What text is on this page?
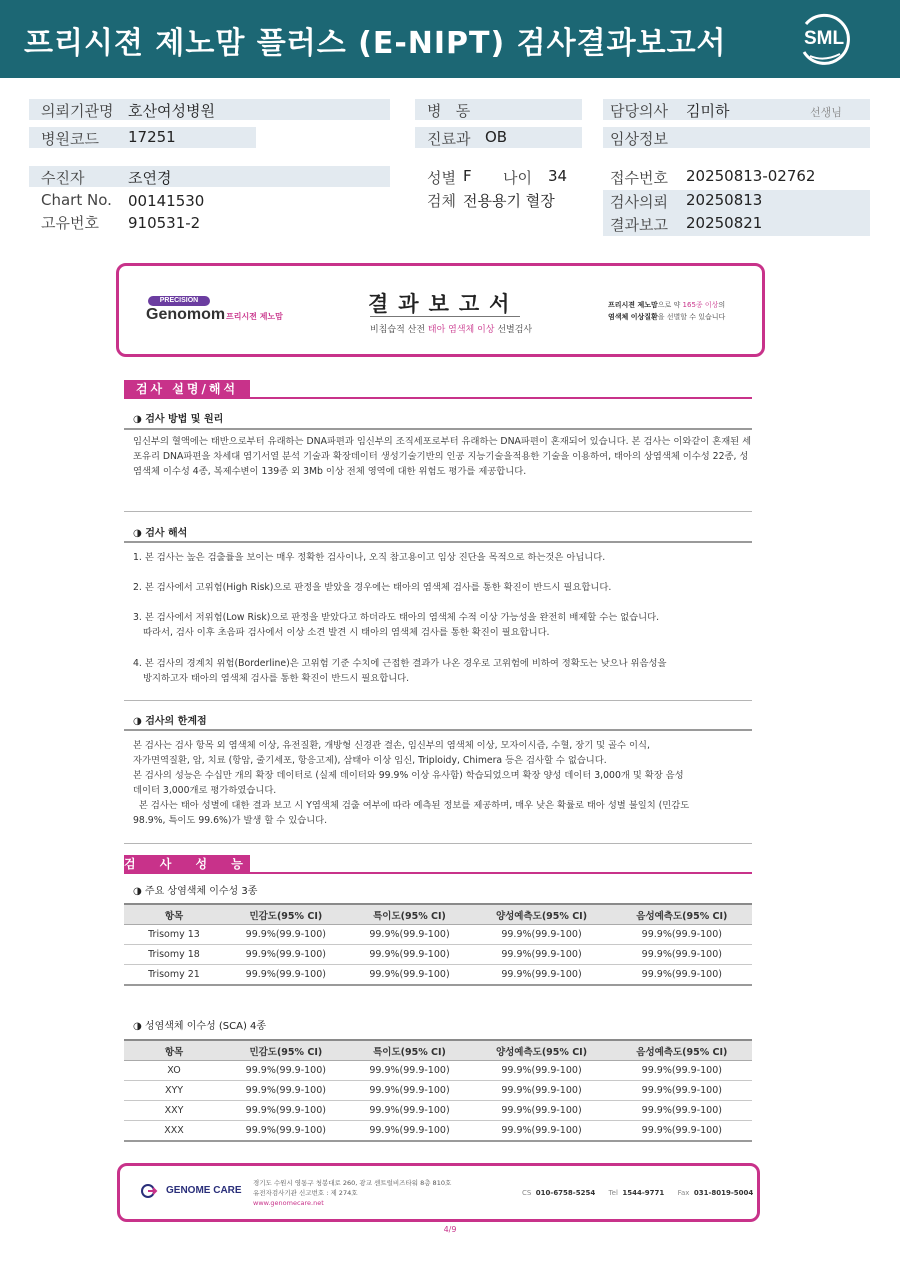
프리시젼 제노맘 플러스 (E-NIPT) 검사결과보고서	SML
의뢰기관명 호산여성병원
병원코드 17251
병   동
진료과 OB
담당의사 김미하	선생님
임상정보
수진자	조연경
Chart No. 00141530
고유번호 910531-2
성별 F 나이 34
검체 전용용기 혈장
접수번호 20250813-02762
검사의뢰 20250813
결과보고 20250821
PRECISION
Genomom 프리시젼 제노맘
결과보고서
비침습적 산전 태아 염색체 이상 선별검사
프리시젼 제노맘으로 약 165종 이상의
염색체 이상질환을 선별할 수 있습니다
검사 설명/해석
◑ 검사 방법 및 원리
임신부의 혈액에는 태반으로부터 유래하는 DNA파편과 임신부의 조직세포로부터 유래하는 DNA파편이 혼재되어 있습니다. 본 검사는 이와같이 혼재된 세포유리 DNA파편을 차세대 염기서열 분석 기술과 확장데이터 생성기술기반의 인공 지능기술을적용한 기술을 이용하여, 태아의 상염색체 이수성 22종, 성염색체 이수성 4종, 복제수변이 139종 외 3Mb 이상 전체 영역에 대한 위험도 평가를 제공합니다.
◑ 검사 해석
1. 본 검사는 높은 검출률을 보이는 매우 정확한 검사이나, 오직 참고용이고 임상 진단을 목적으로 하는것은 아닙니다.
2. 본 검사에서 고위험(High Risk)으로 판정을 받았을 경우에는 태아의 염색체 검사를 통한 확진이 반드시 필요합니다.
3. 본 검사에서 저위험(Low Risk)으로 판정을 받았다고 하더라도 태아의 염색체 수적 이상 가능성을 완전히 배제할 수는 없습니다.
따라서, 검사 이후 초음파 검사에서 이상 소견 발견 시 태아의 염색체 검사를 통한 확진이 필요합니다.
4. 본 검사의 경계치 위험(Borderline)은 고위험 기준 수치에 근접한 결과가 나온 경우로 고위험에 비하여 정확도는 낮으나 위음성을
방지하고자 태아의 염색체 검사를 통한 확진이 반드시 필요합니다.
◑ 검사의 한계점
본 검사는 검사 항목 외 염색체 이상, 유전질환, 개방형 신경관 결손, 임신부의 염색체 이상, 모자이시즘, 수혈, 장기 및 골수 이식,
자가면역질환, 암, 치료 (항암, 줄기세포, 항응고제), 삼태아 이상 임신, Triploidy, Chimera 등은 검사할 수 없습니다.
본 검사의 성능은 수십만 개의 확장 데이터로 (실제 데이터와 99.9% 이상 유사함) 학습되었으며 확장 양성 데이터 3,000개 및 확장 음성
데이터 3,000개로 평가하였습니다.
본 검사는 태아 성별에 대한 결과 보고 시 Y염색체 검출 여부에 따라 예측된 정보를 제공하며, 매우 낮은 확률로 태아 성별 불일치 (민감도
98.9%, 특이도 99.6%)가 발생 할 수 있습니다.
검 사 성 능
◑ 주요 상염색체 이수성 3종
항목	민감도(95% CI)	특이도(95% CI)	양성예측도(95% CI)	음성예측도(95% CI)
Trisomy 13	99.9%(99.9-100)	99.9%(99.9-100)	99.9%(99.9-100)	99.9%(99.9-100)
Trisomy 18	99.9%(99.9-100)	99.9%(99.9-100)	99.9%(99.9-100)	99.9%(99.9-100)
Trisomy 21	99.9%(99.9-100)	99.9%(99.9-100)	99.9%(99.9-100)	99.9%(99.9-100)
◑ 성염색체 이수성 (SCA) 4종
항목	민감도(95% CI)	특이도(95% CI)	양성예측도(95% CI)	음성예측도(95% CI)
XO	99.9%(99.9-100)	99.9%(99.9-100)	99.9%(99.9-100)	99.9%(99.9-100)
XYY	99.9%(99.9-100)	99.9%(99.9-100)	99.9%(99.9-100)	99.9%(99.9-100)
XXY	99.9%(99.9-100)	99.9%(99.9-100)	99.9%(99.9-100)	99.9%(99.9-100)
XXX	99.9%(99.9-100)	99.9%(99.9-100)	99.9%(99.9-100)	99.9%(99.9-100)
GENOME CARE
경기도 수원시 영통구 청봉대로 260, 광교 센트럴비즈타워 8층 810호
유전자검사기관 신고번호 : 제 274호
www.genomecare.net
CS 010-6758-5254 Tel 1544-9771 Fax 031-8019-5004
4/9
